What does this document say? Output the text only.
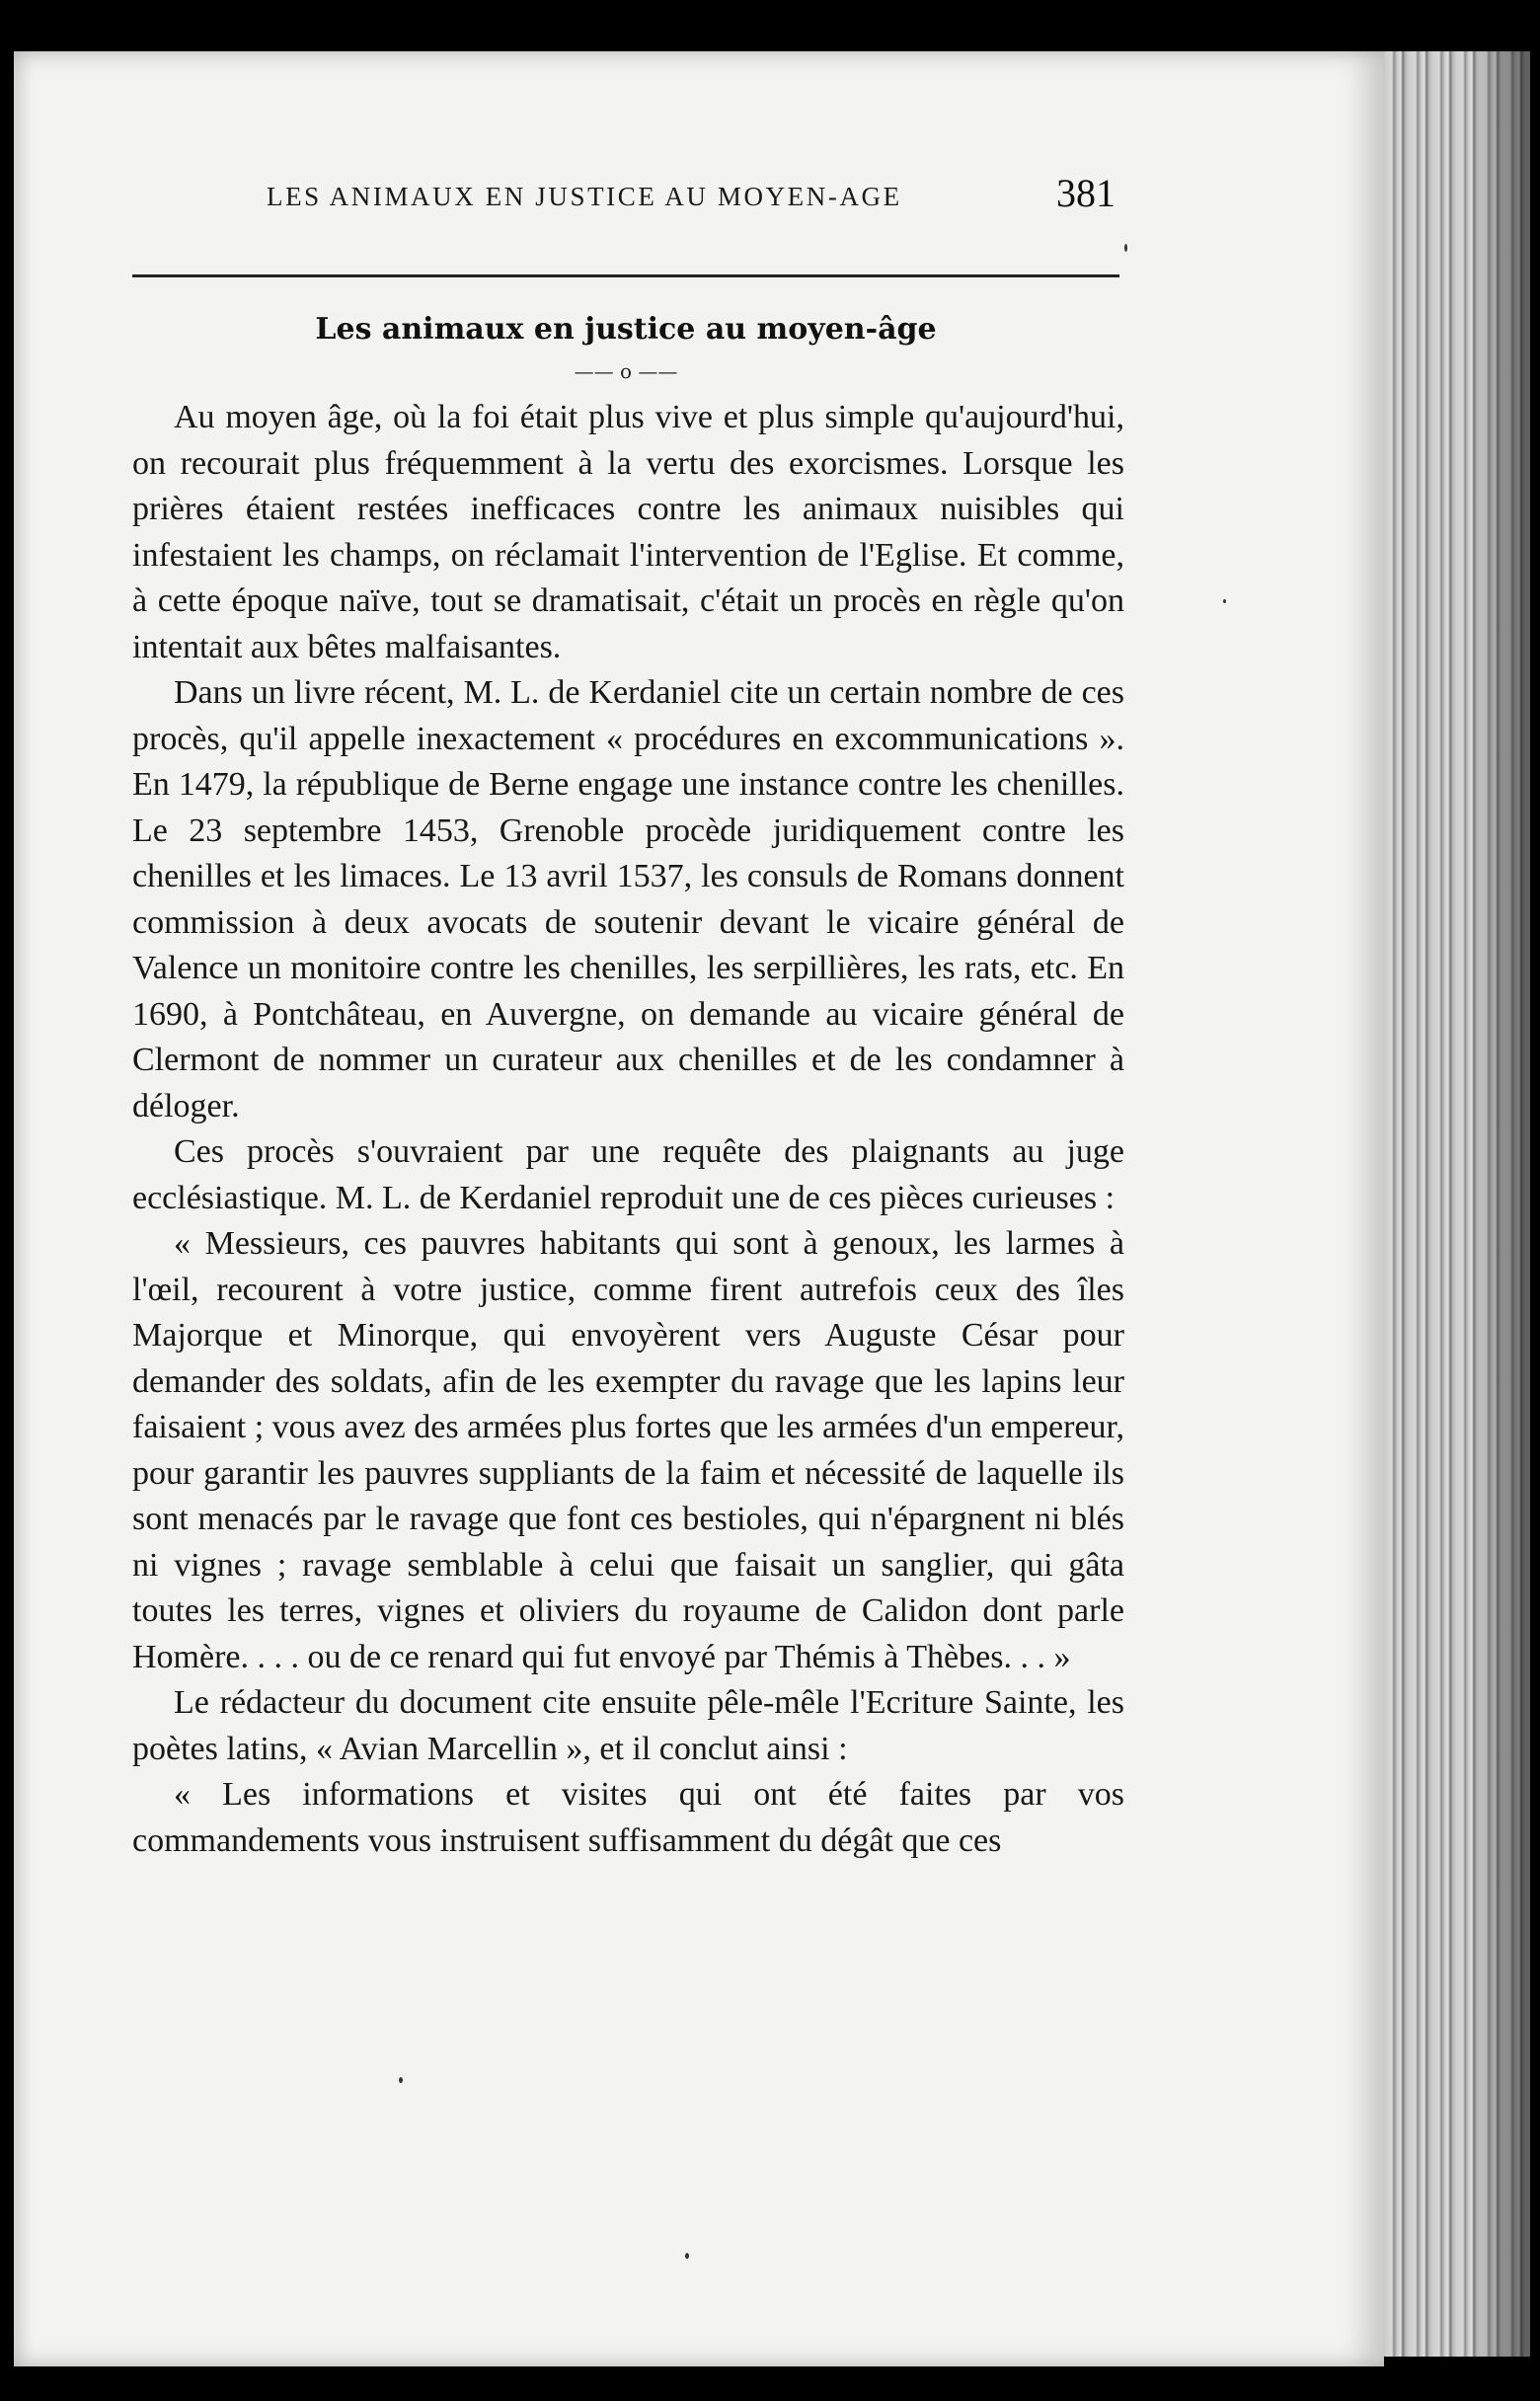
LES ANIMAUX EN JUSTICE AU MOYEN-AGE	381
Les animaux en justice au moyen-âge
—— o ——

Au moyen âge, où la foi était plus vive et plus simple qu'aujourd'hui, on recourait plus fréquemment à la vertu des exorcismes. Lorsque les prières étaient restées inefficaces contre les animaux nuisibles qui infestaient les champs, on réclamait l'intervention de l'Eglise. Et comme, à cette époque naïve, tout se dramatisait, c'était un procès en règle qu'on intentait aux bêtes malfaisantes.

Dans un livre récent, M. L. de Kerdaniel cite un certain nombre de ces procès, qu'il appelle inexactement « procédures en excommunications ». En 1479, la république de Berne engage une instance contre les chenilles. Le 23 septembre 1453, Grenoble procède juridiquement contre les chenilles et les limaces. Le 13 avril 1537, les consuls de Romans donnent commission à deux avocats de soutenir devant le vicaire général de Valence un monitoire contre les chenilles, les serpillières, les rats, etc. En 1690, à Pontchâteau, en Auvergne, on demande au vicaire général de Clermont de nommer un curateur aux chenilles et de les condamner à déloger.

Ces procès s'ouvraient par une requête des plaignants au juge ecclésiastique. M. L. de Kerdaniel reproduit une de ces pièces curieuses :

« Messieurs, ces pauvres habitants qui sont à genoux, les larmes à l'œil, recourent à votre justice, comme firent autrefois ceux des îles Majorque et Minorque, qui envoyèrent vers Auguste César pour demander des soldats, afin de les exempter du ravage que les lapins leur faisaient ; vous avez des armées plus fortes que les armées d'un empereur, pour garantir les pauvres suppliants de la faim et nécessité de laquelle ils sont menacés par le ravage que font ces bestioles, qui n'épargnent ni blés ni vignes ; ravage semblable à celui que faisait un sanglier, qui gâta toutes les terres, vignes et oliviers du royaume de Calidon dont parle Homère. . . . ou de ce renard qui fut envoyé par Thémis à Thèbes. . . »

Le rédacteur du document cite ensuite pêle-mêle l'Ecriture Sainte, les poètes latins, « Avian Marcellin », et il conclut ainsi :

« Les informations et visites qui ont été faites par vos commandements vous instruisent suffisamment du dégât que ces
